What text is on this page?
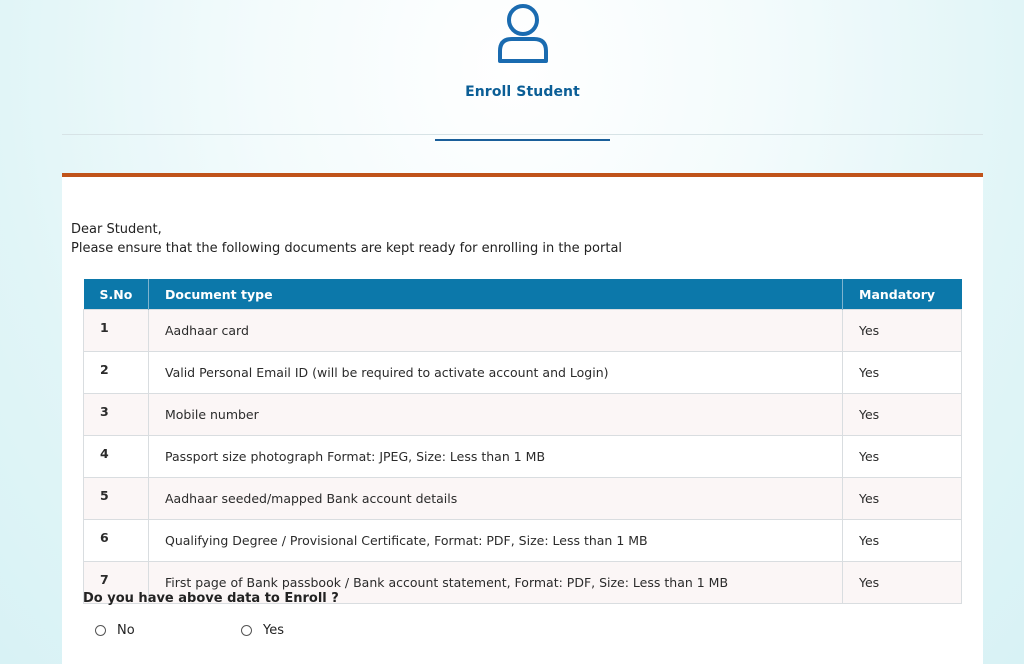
Enroll Student
Dear Student,
Please ensure that the following documents are kept ready for enrolling in the portal
S.No	Document type	Mandatory
1	Aadhaar card	Yes
2	Valid Personal Email ID (will be required to activate account and Login)	Yes
3	Mobile number	Yes
4	Passport size photograph Format: JPEG, Size: Less than 1 MB	Yes
5	Aadhaar seeded/mapped Bank account details	Yes
6	Qualifying Degree / Provisional Certificate, Format: PDF, Size: Less than 1 MB	Yes
7	First page of Bank passbook / Bank account statement, Format: PDF, Size: Less than 1 MB	Yes
Do you have above data to Enroll ?
No	Yes
